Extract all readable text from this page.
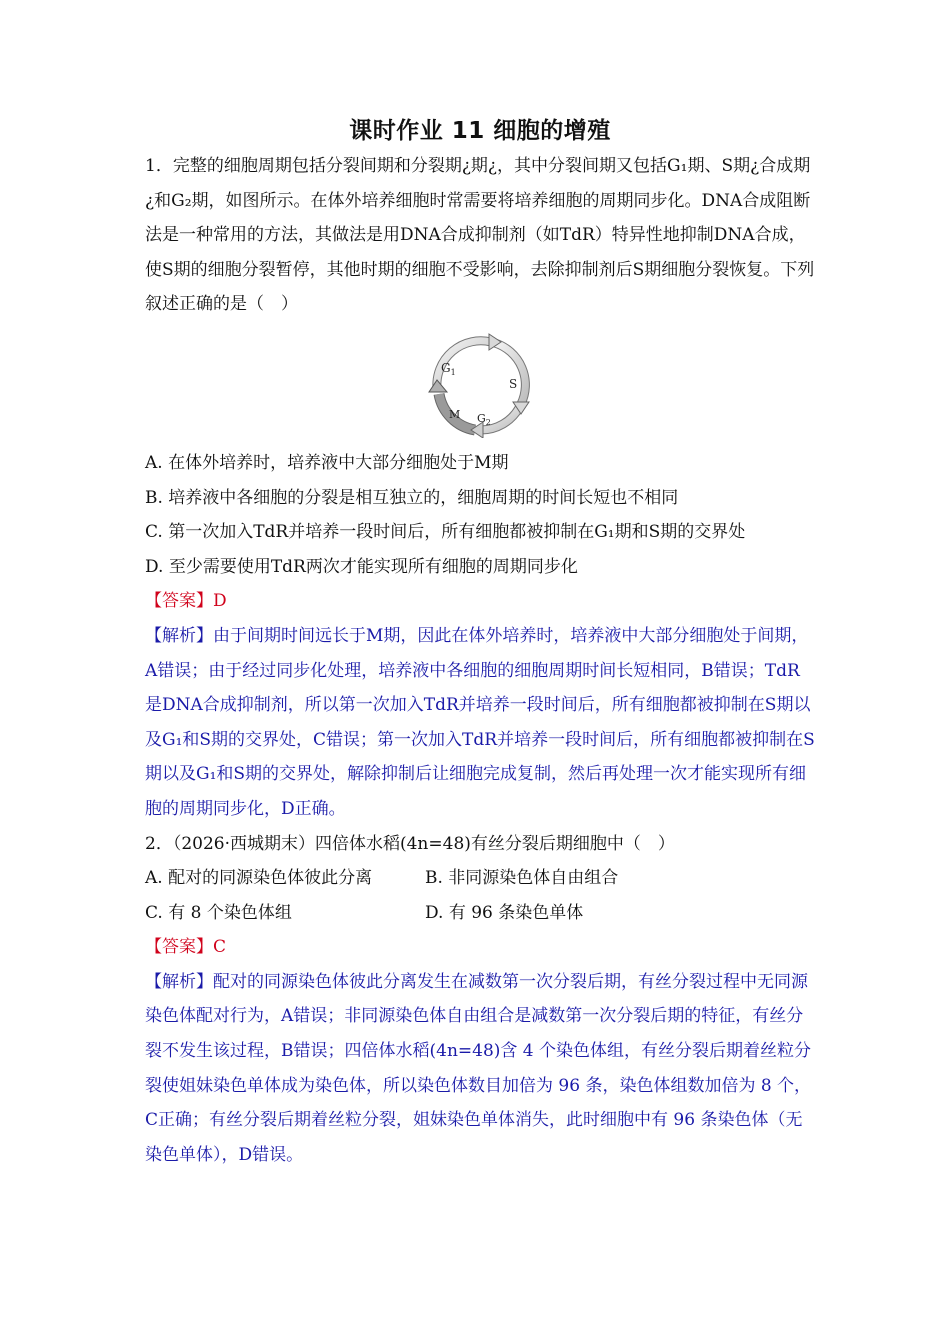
课时作业 11 细胞的增殖

1．完整的细胞周期包括分裂间期和分裂期¿期¿，其中分裂间期又包括G₁期、S期¿合成期¿和G₂期，如图所示。在体外培养细胞时常需要将培养细胞的周期同步化。DNA合成阻断法是一种常用的方法，其做法是用DNA合成抑制剂（如TdR）特异性地抑制DNA合成，使S期的细胞分裂暂停，其他时期的细胞不受影响，去除抑制剂后S期细胞分裂恢复。下列叙述正确的是（　）

$G_1$
S
M $G_2$

A. 在体外培养时，培养液中大部分细胞处于M期

B. 培养液中各细胞的分裂是相互独立的，细胞周期的时间长短也不相同

C. 第一次加入TdR并培养一段时间后，所有细胞都被抑制在G₁期和S期的交界处

D. 至少需要使用TdR两次才能实现所有细胞的周期同步化

【答案】D

【解析】由于间期时间远长于M期，因此在体外培养时，培养液中大部分细胞处于间期，A错误；由于经过同步化处理，培养液中各细胞的细胞周期时间长短相同，B错误；TdR是DNA合成抑制剂，所以第一次加入TdR并培养一段时间后，所有细胞都被抑制在S期以及G₁和S期的交界处，C错误；第一次加入TdR并培养一段时间后，所有细胞都被抑制在S期以及G₁和S期的交界处，解除抑制后让细胞完成复制，然后再处理一次才能实现所有细胞的周期同步化，D正确。

2．（2026·西城期末）四倍体水稻(4n=48)有丝分裂后期细胞中（　）

A. 配对的同源染色体彼此分离	B. 非同源染色体自由组合
C. 有 8 个染色体组	D. 有 96 条染色单体

【答案】C

【解析】配对的同源染色体彼此分离发生在减数第一次分裂后期，有丝分裂过程中无同源染色体配对行为，A错误；非同源染色体自由组合是减数第一次分裂后期的特征，有丝分裂不发生该过程，B错误；四倍体水稻(4n=48)含 4 个染色体组，有丝分裂后期着丝粒分裂使姐妹染色单体成为染色体，所以染色体数目加倍为 96 条，染色体组数加倍为 8 个，C正确；有丝分裂后期着丝粒分裂，姐妹染色单体消失，此时细胞中有 96 条染色体（无染色单体），D错误。
